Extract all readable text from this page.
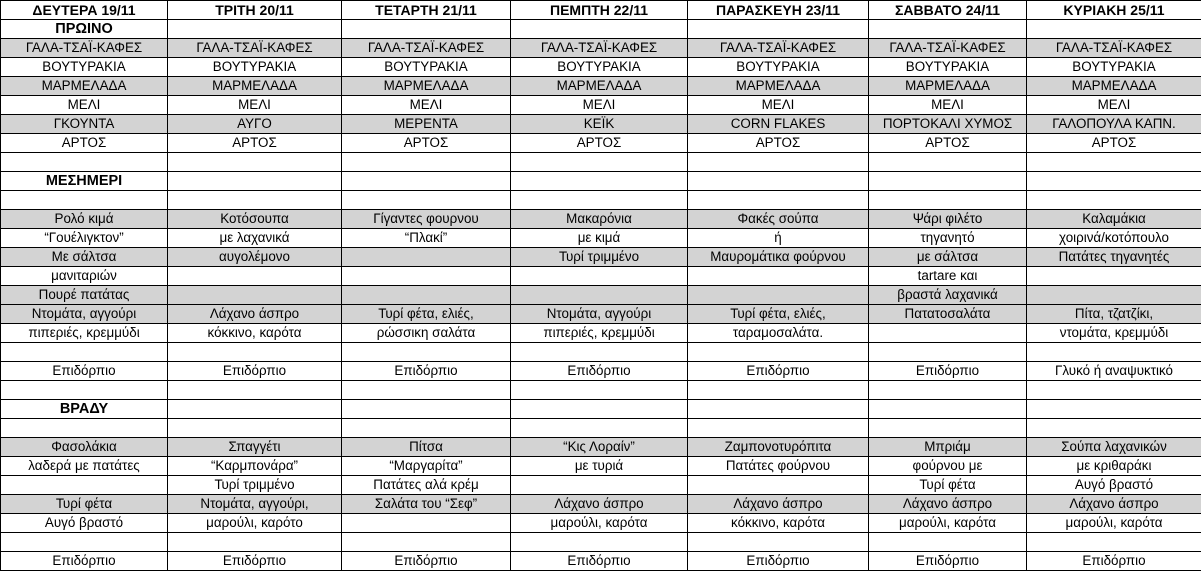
ΔΕΥΤΕΡΑ 19/11	ΤΡΙΤΗ 20/11	ΤΕΤΑΡΤΗ 21/11	ΠΕΜΠΤΗ 22/11	ΠΑΡΑΣΚΕΥΗ 23/11	ΣΑΒΒΑΤΟ 24/11	ΚΥΡΙΑΚΗ 25/11
ΠΡΩΙΝΟ						
ΓΑΛΑ-ΤΣΑΪ-ΚΑΦΕΣ	ΓΑΛΑ-ΤΣΑΪ-ΚΑΦΕΣ	ΓΑΛΑ-ΤΣΑΪ-ΚΑΦΕΣ	ΓΑΛΑ-ΤΣΑΪ-ΚΑΦΕΣ	ΓΑΛΑ-ΤΣΑΪ-ΚΑΦΕΣ	ΓΑΛΑ-ΤΣΑΪ-ΚΑΦΕΣ	ΓΑΛΑ-ΤΣΑΪ-ΚΑΦΕΣ
ΒΟΥΤΥΡΑΚΙΑ	ΒΟΥΤΥΡΑΚΙΑ	ΒΟΥΤΥΡΑΚΙΑ	ΒΟΥΤΥΡΑΚΙΑ	ΒΟΥΤΥΡΑΚΙΑ	ΒΟΥΤΥΡΑΚΙΑ	ΒΟΥΤΥΡΑΚΙΑ
ΜΑΡΜΕΛΑΔΑ	ΜΑΡΜΕΛΑΔΑ	ΜΑΡΜΕΛΑΔΑ	ΜΑΡΜΕΛΑΔΑ	ΜΑΡΜΕΛΑΔΑ	ΜΑΡΜΕΛΑΔΑ	ΜΑΡΜΕΛΑΔΑ
ΜΕΛΙ	ΜΕΛΙ	ΜΕΛΙ	ΜΕΛΙ	ΜΕΛΙ	ΜΕΛΙ	ΜΕΛΙ
ΓΚΟΥΝΤΑ	ΑΥΓΟ	ΜΕΡΕΝΤΑ	ΚΕΪΚ	CORN FLAKES	ΠΟΡΤΟΚΑΛΙ ΧΥΜΟΣ	ΓΑΛΟΠΟΥΛΑ ΚΑΠΝ.
ΑΡΤΟΣ	ΑΡΤΟΣ	ΑΡΤΟΣ	ΑΡΤΟΣ	ΑΡΤΟΣ	ΑΡΤΟΣ	ΑΡΤΟΣ

ΜΕΣΗΜΕΡΙ						

Ρολό κιμά	Κοτόσουπα	Γίγαντες φουρνου	Μακαρόνια	Φακές σούπα	Ψάρι φιλέτο	Καλαμάκια
“Γουέλιγκτον”	με λαχανικά	“Πλακί”	με κιμά	ή	τηγανητό	χοιρινά/κοτόπουλο
Με σάλτσα	αυγολέμονο		Τυρί τριμμένο	Μαυρομάτικα φούρνου	με σάλτσα	Πατάτες τηγανητές
μανιταριών					tartare και	
Πουρέ πατάτας					βραστά λαχανικά	
Ντομάτα, αγγούρι	Λάχανο άσπρο	Τυρί φέτα, ελιές,	Ντομάτα, αγγούρι	Τυρί φέτα, ελιές,	Πατατοσαλάτα	Πίτα, τζατζίκι,
πιπεριές, κρεμμύδι	κόκκινο, καρότα	ρώσσικη σαλάτα	πιπεριές, κρεμμύδι	ταραμοσαλάτα.		ντομάτα, κρεμμύδι

Επιδόρπιο	Επιδόρπιο	Επιδόρπιο	Επιδόρπιο	Επιδόρπιο	Επιδόρπιο	Γλυκό ή αναψυκτικό

ΒΡΑΔΥ						

Φασολάκια	Σπαγγέτι	Πίτσα	“Κις Λοραίν”	Ζαμπονοτυρόπιτα	Μπριάμ	Σούπα λαχανικών
λαδερά με πατάτες	“Καρμπονάρα”	“Μαργαρίτα”	με τυριά	Πατάτες φούρνου	φούρνου με	με κριθαράκι
	Τυρί τριμμένο	Πατάτες αλά κρέμ			Τυρί φέτα	Αυγό βραστό
Τυρί φέτα	Ντομάτα, αγγούρι,	Σαλάτα του “Σεφ”	Λάχανο άσπρο	Λάχανο άσπρο	Λάχανο άσπρο	Λάχανο άσπρο
Αυγό βραστό	μαρούλι, καρότο		μαρούλι, καρότα	κόκκινο, καρότα	μαρούλι, καρότα	μαρούλι, καρότα

Επιδόρπιο	Επιδόρπιο	Επιδόρπιο	Επιδόρπιο	Επιδόρπιο	Επιδόρπιο	Επιδόρπιο
